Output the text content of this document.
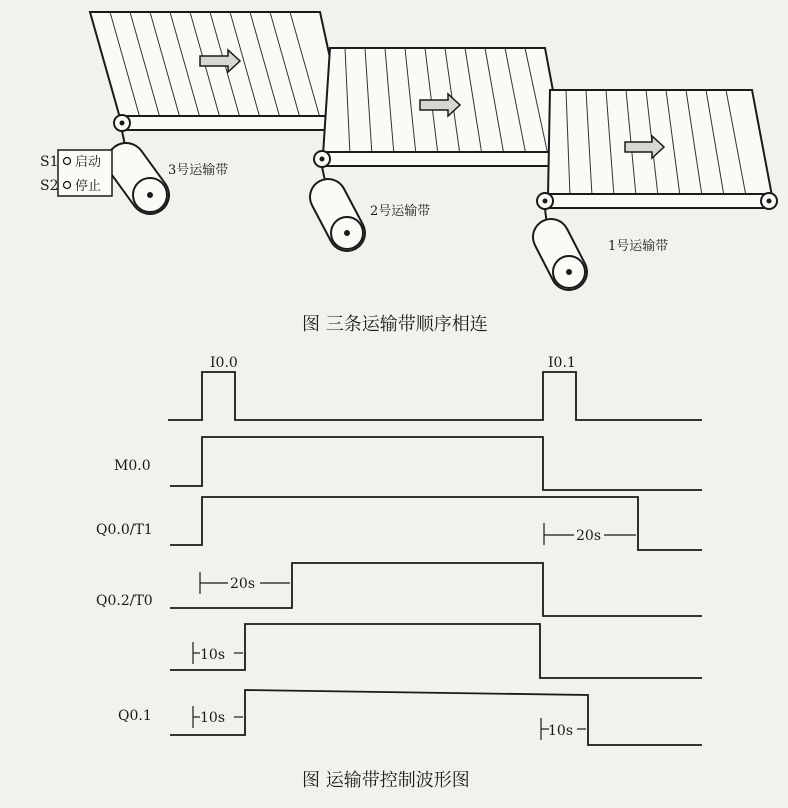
S1
S2
启动
停止
3号运输带
2号运输带
1号运输带
图 三条运输带顺序相连
I0.0	I0.1
M0.0
Q0.0/T1	20s
Q0.2/T0
20s
10s
Q0.1	10s
10s
图 运输带控制波形图
